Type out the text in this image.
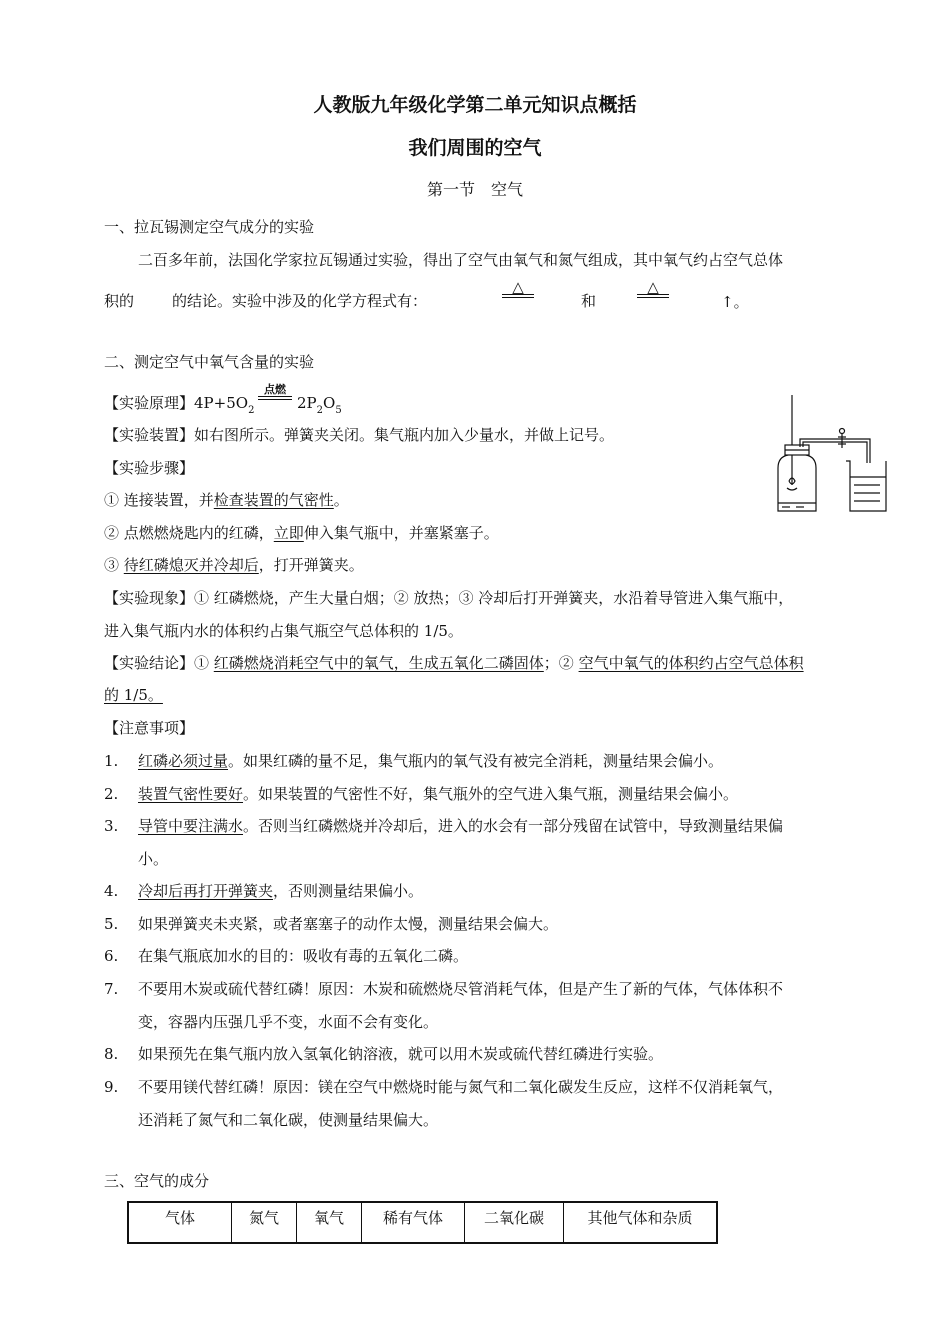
人教版九年级化学第二单元知识点概括
我们周围的空气
第一节　空气
一、拉瓦锡测定空气成分的实验
二百多年前，法国化学家拉瓦锡通过实验，得出了空气由氧气和氮气组成，其中氧气约占空气总体
积的	的结论。实验中涉及的化学方程式有：
△
和
△
↑。
二、测定空气中氧气含量的实验
【实验原理】$4P+5O_2$
点燃
$2P_2O_5$
【实验装置】如右图所示。弹簧夹关闭。集气瓶内加入少量水，并做上记号。
【实验步骤】
① 连接装置，并检查装置的气密性。
② 点燃燃烧匙内的红磷，立即伸入集气瓶中，并塞紧塞子。
③ 待红磷熄灭并冷却后，打开弹簧夹。
【实验现象】① 红磷燃烧，产生大量白烟；② 放热；③ 冷却后打开弹簧夹，水沿着导管进入集气瓶中，
进入集气瓶内水的体积约占集气瓶空气总体积的 1/5。
【实验结论】① 红磷燃烧消耗空气中的氧气，生成五氧化二磷固体；② 空气中氧气的体积约占空气总体积
的 1/5。
【注意事项】
1. 红磷必须过量。如果红磷的量不足，集气瓶内的氧气没有被完全消耗，测量结果会偏小。
2. 装置气密性要好。如果装置的气密性不好，集气瓶外的空气进入集气瓶，测量结果会偏小。
3. 导管中要注满水。否则当红磷燃烧并冷却后，进入的水会有一部分残留在试管中，导致测量结果偏
小。
4. 冷却后再打开弹簧夹，否则测量结果偏小。
5. 如果弹簧夹未夹紧，或者塞塞子的动作太慢，测量结果会偏大。
6. 在集气瓶底加水的目的：吸收有毒的五氧化二磷。
7. 不要用木炭或硫代替红磷！原因：木炭和硫燃烧尽管消耗气体，但是产生了新的气体，气体体积不
变，容器内压强几乎不变，水面不会有变化。
8. 如果预先在集气瓶内放入氢氧化钠溶液，就可以用木炭或硫代替红磷进行实验。
9. 不要用镁代替红磷！原因：镁在空气中燃烧时能与氮气和二氧化碳发生反应，这样不仅消耗氧气，
还消耗了氮气和二氧化碳，使测量结果偏大。
三、空气的成分
气体	氮气	氧气	稀有气体	二氧化碳	其他气体和杂质
